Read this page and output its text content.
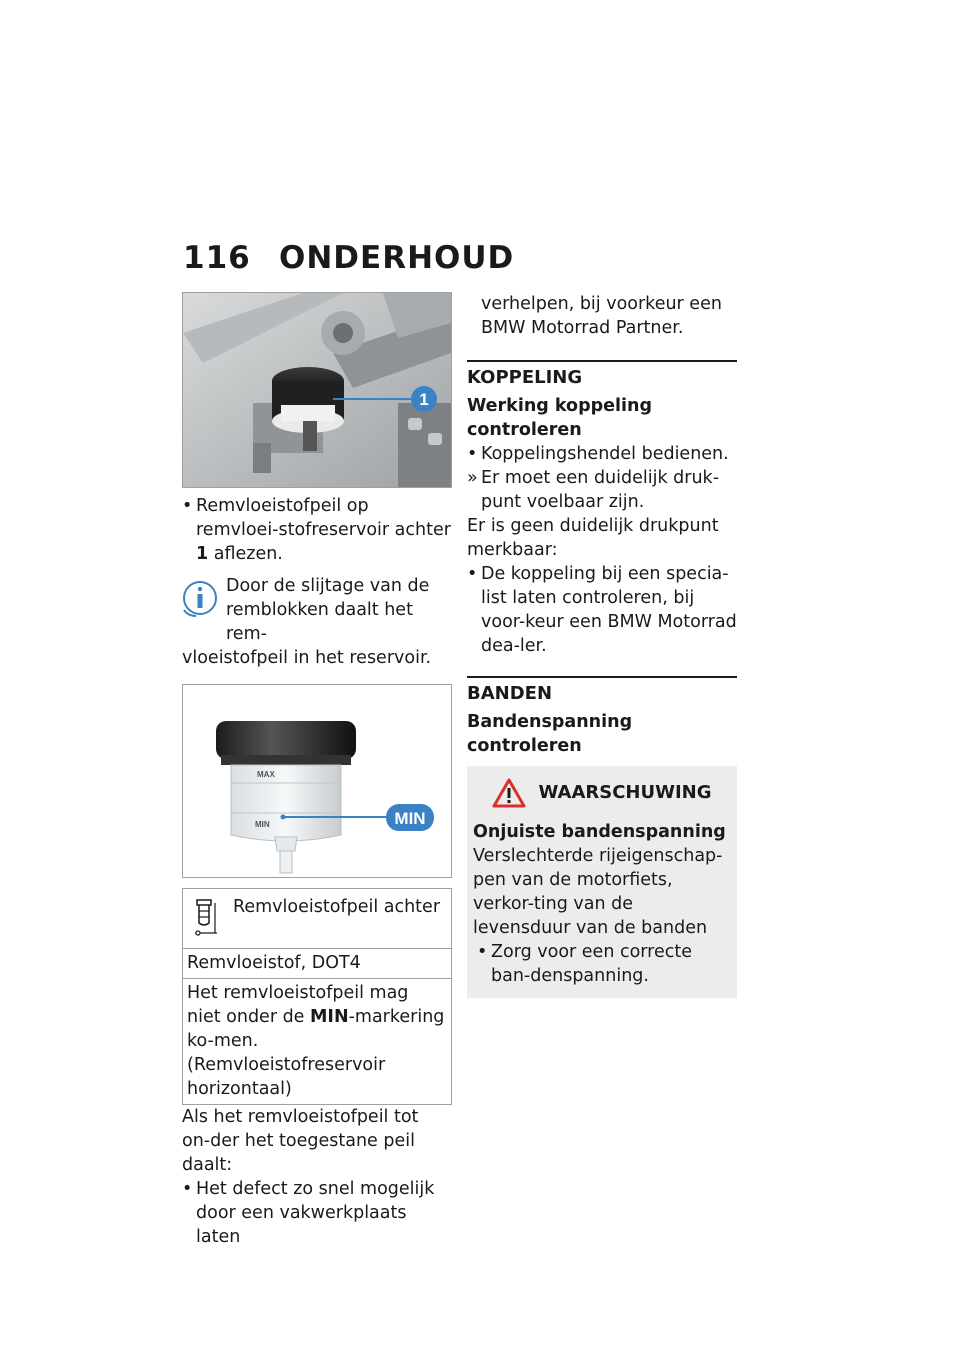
116 ONDERHOUD
1
• Remvloeistofpeil op remvloei-stofreservoir achter 1 aflezen.
Door de slijtage van de
remblokken daalt het rem-
vloeistofpeil in het reservoir.
MAX
MIN	MIN
Remvloeistofpeil achter
Remvloeistof, DOT4
Het remvloeistofpeil mag niet onder de MIN-markering ko-men. (Remvloeistofreservoir horizontaal)
Als het remvloeistofpeil tot on-der het toegestane peil daalt:
• Het defect zo snel mogelijk door een vakwerkplaats laten
verhelpen, bij voorkeur een BMW Motorrad Partner.
KOPPELING
Werking koppeling controleren
• Koppelingshendel bedienen.
» Er moet een duidelijk druk-punt voelbaar zijn.
Er is geen duidelijk drukpunt merkbaar:
• De koppeling bij een specia-list laten controleren, bij voor-keur een BMW Motorrad dea-ler.
BANDEN
Bandenspanning controleren
WAARSCHUWING
Onjuiste bandenspanning
Verslechterde rijeigenschap-pen van de motorfiets, verkor-ting van de levensduur van de banden
• Zorg voor een correcte ban-denspanning.
